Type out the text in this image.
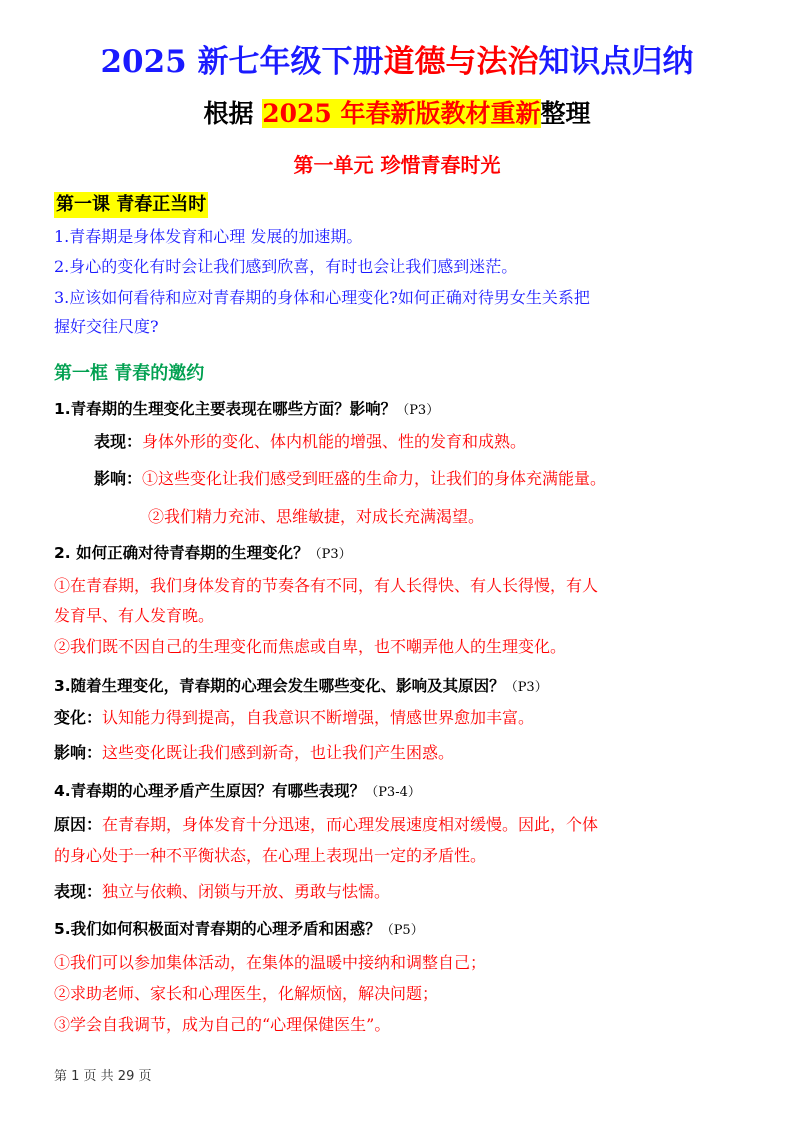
2025 新七年级下册道德与法治知识点归纳
根据 2025 年春新版教材重新整理
第一单元 珍惜青春时光
第一课 青春正当时
1.青春期是身体发育和心理 发展的加速期。
2.身心的变化有时会让我们感到欣喜，有时也会让我们感到迷茫。
3.应该如何看待和应对青春期的身体和心理变化?如何正确对待男女生关系把
握好交往尺度?
第一框 青春的邀约
1.青春期的生理变化主要表现在哪些方面？影响？（P3）
表现：身体外形的变化、体内机能的增强、性的发育和成熟。
影响：①这些变化让我们感受到旺盛的生命力，让我们的身体充满能量。
②我们精力充沛、思维敏捷，对成长充满渴望。
2. 如何正确对待青春期的生理变化？（P3）
①在青春期，我们身体发育的节奏各有不同，有人长得快、有人长得慢，有人
发育早、有人发育晚。
②我们既不因自己的生理变化而焦虑或自卑，也不嘲弄他人的生理变化。
3.随着生理变化，青春期的心理会发生哪些变化、影响及其原因？（P3）
变化：认知能力得到提高，自我意识不断增强，情感世界愈加丰富。
影响：这些变化既让我们感到新奇，也让我们产生困惑。
4.青春期的心理矛盾产生原因？有哪些表现？（P3-4）
原因：在青春期，身体发育十分迅速，而心理发展速度相对缓慢。因此，个体
的身心处于一种不平衡状态，在心理上表现出一定的矛盾性。
表现：独立与依赖、闭锁与开放、勇敢与怯懦。
5.我们如何积极面对青春期的心理矛盾和困惑？（P5）
①我们可以参加集体活动，在集体的温暖中接纳和调整自己；
②求助老师、家长和心理医生，化解烦恼，解决问题；
③学会自我调节，成为自己的“心理保健医生”。
第 1 页 共 29 页
